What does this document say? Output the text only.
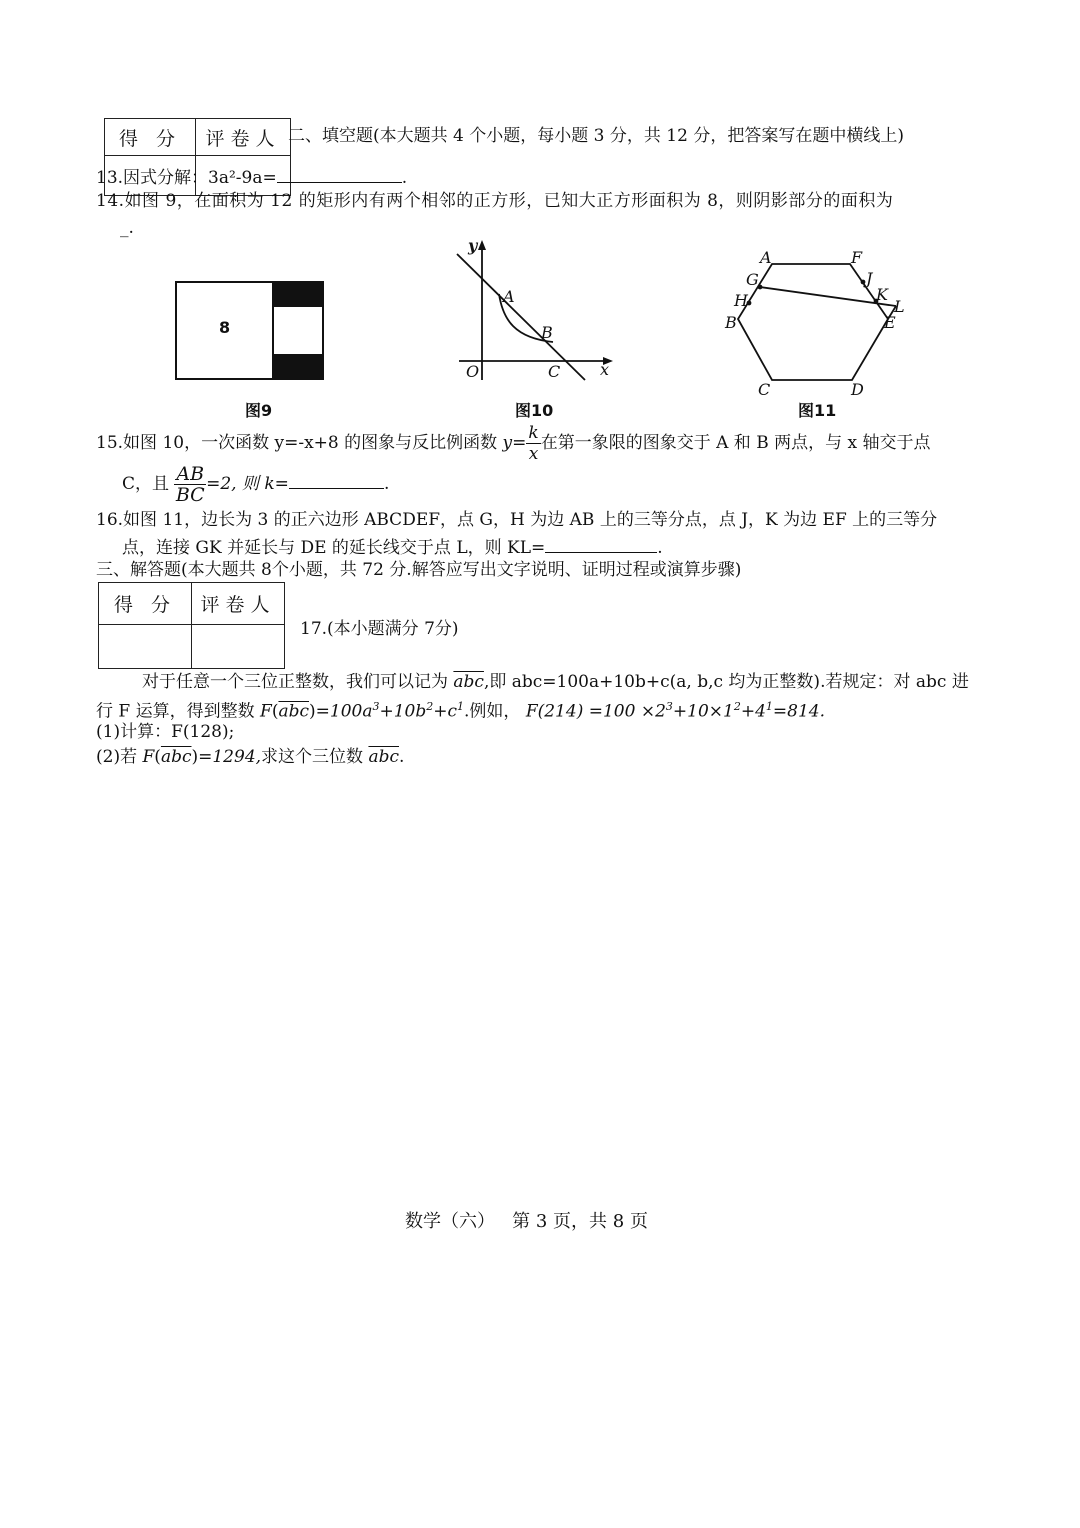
得 分	评卷人
	二、填空题(本大题共 4 个小题，每小题 3 分，共 12 分，把答案写在题中横线上)
13.因式分解：3a²-9a=	.
14.如图 9，在面积为 12 的矩形内有两个相邻的正方形，已知大正方形面积为 8，则阴影部分的面积为
_.
8
图9
y
x
O
A
B
C
图10
A	F
G	J
H	K
L
B	E
C	D
图11
15.如图 10，一次函数 y=-x+8 的图象与反比例函数 $y= \frac{k}{x}$ 在第一象限的图象交于 A 和 B 两点，与 x 轴交于点
C，且 $\frac{AB}{BC} =2$, 则 k=	.
16.如图 11，边长为 3 的正六边形 ABCDEF，点 G，H 为边 AB 上的三等分点，点 J，K 为边 EF 上的三等分
点，连接 GK 并延长与 DE 的延长线交于点 L，则 KL=	.
三、解答题(本大题共 8个小题，共 72 分.解答应写出文字说明、证明过程或演算步骤)
得 分	评卷人

17.(本小题满分 7分)
对于任意一个三位正整数，我们可以记为 $\overline{abc}$,即 abc=100a+10b+c(a, b,c 均为正整数).若规定：对 abc 进
行 F 运算，得到整数 $F(\overline{abc})=100a^3+10b^2+c^1$.例如， $F(214) =100 \times 2^3+10\times 1^2+4^1=814$.
(1)计算：F(128);
(2)若 $F(\overline{abc})=1294$,求这个三位数 $\overline{abc}$.
数学（六）   第 3 页，共 8 页
